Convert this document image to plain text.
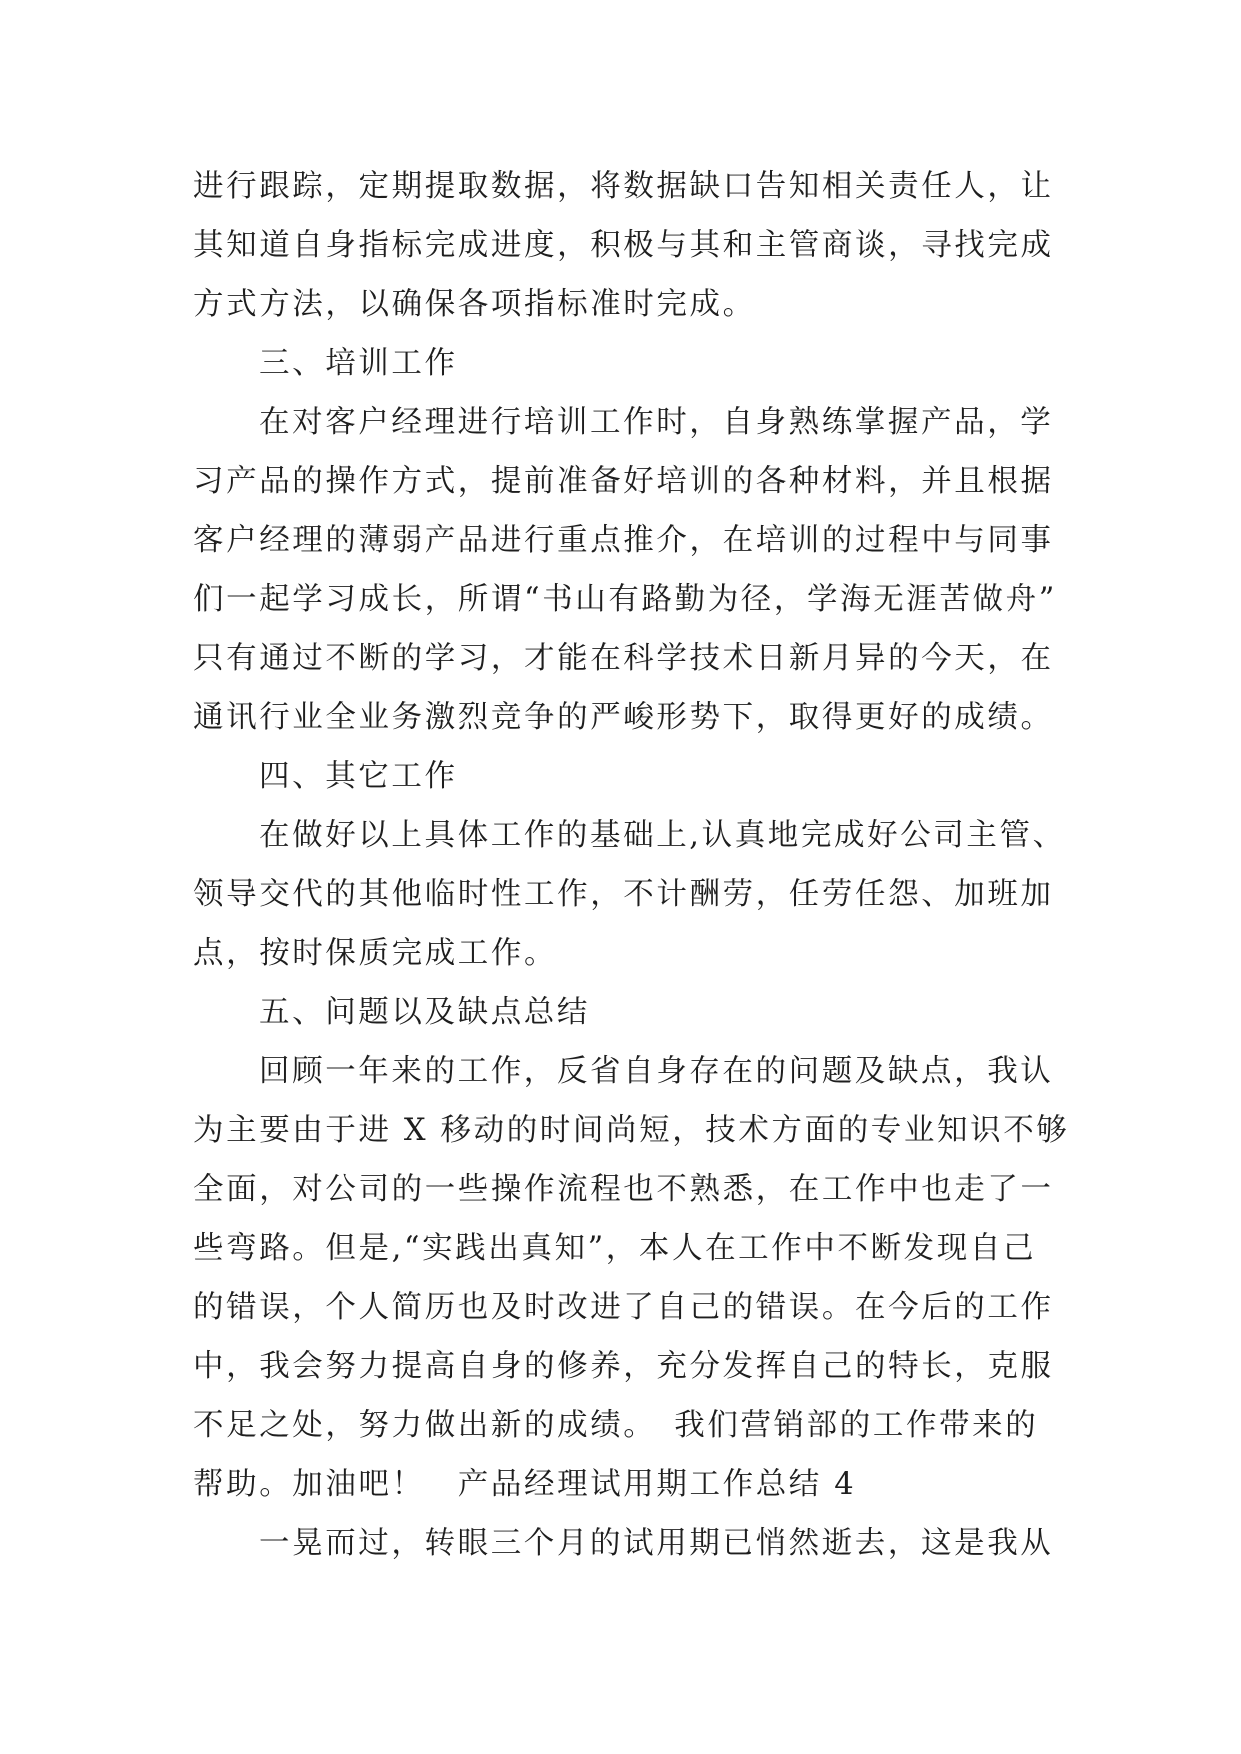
进行跟踪，定期提取数据，将数据缺口告知相关责任人，让
其知道自身指标完成进度，积极与其和主管商谈，寻找完成
方式方法，以确保各项指标准时完成。
三、培训工作
在对客户经理进行培训工作时，自身熟练掌握产品，学
习产品的操作方式，提前准备好培训的各种材料，并且根据
客户经理的薄弱产品进行重点推介，在培训的过程中与同事
们一起学习成长，所谓“书山有路勤为径，学海无涯苦做舟”
只有通过不断的学习，才能在科学技术日新月异的今天，在
通讯行业全业务激烈竞争的严峻形势下，取得更好的成绩。
四、其它工作
在做好以上具体工作的基础上,认真地完成好公司主管、
领导交代的其他临时性工作，不计酬劳，任劳任怨、加班加
点，按时保质完成工作。
五、问题以及缺点总结
回顾一年来的工作，反省自身存在的问题及缺点，我认
为主要由于进 X 移动的时间尚短，技术方面的专业知识不够
全面，对公司的一些操作流程也不熟悉，在工作中也走了一
些弯路。但是,“实践出真知”，本人在工作中不断发现自己
的错误，个人简历也及时改进了自己的错误。在今后的工作
中，我会努力提高自身的修养，充分发挥自己的特长，克服
不足之处，努力做出新的成绩。　我们营销部的工作带来的
帮助。加油吧！　产品经理试用期工作总结 4
一晃而过，转眼三个月的试用期已悄然逝去，这是我从
